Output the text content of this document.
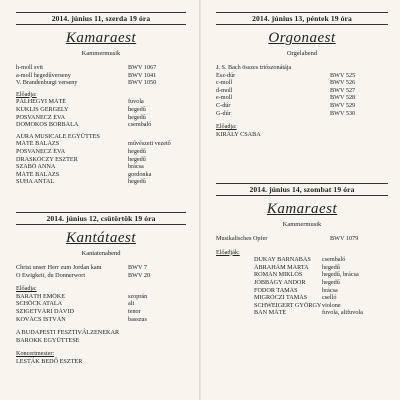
2014. június 11, szerda 19 óra
Kamaraest
Kammermusik
h-moll svit	BWV 1067
a-moll hegedűverseny	BWV 1041
V. Brandenburgi verseny	BWV 1050
Előadja:
PÁLHEGYI MÁTÉ	fuvola
KUKLIS GERGELY	hegedű
POSVANECZ ÉVA	hegedű
DOMOKOS BORBÁLA	csembaló
AURA MUSICALE EGYÜTTES
MÁTÉ BALÁZS	művészeti vezető
POSVANECZ ÉVA	hegedű
DRASKÓCZY ESZTER	hegedű
SZABÓ ANNA	brácsa
MÁTÉ BALÁZS	gordonka
SUHA ANTAL	hegedű
2014. június 12, csütörtök 19 óra
Kantátaest
Kantatenabend
Christ unser Herr zum Jordan kam	BWV 7
O Ewigkeit, du Donnerwort	BWV 20
Előadja:
BARÁTH EMŐKE	szoprán
SCHÖCK ATALA	alt
SZIGETVÁRI DÁVID	tenor
KOVÁCS ISTVÁN	basszus
A BUDAPESTI FESZTIVÁLZENEKAR
BAROKK EGYÜTTESE
Koncertmester:
LESTÁK BEDŐ ESZTER
2014. június 13, péntek 19 óra
Orgonaest
Orgelabend
J. S. Bach összes triószonátája
Esz-dúr	BWV 525
c-moll	BWV 526
d-moll	BWV 527
e-moll	BWV 528
C-dúr	BWV 529
G-dúr	BWV 530
Előadja:
KIRÁLY CSABA
2014. június 14, szombat 19 óra
Kamaraest
Kammermusik
Musikalisches Opfer	BWV 1079
Előadják:
DUKAY BARNABÁS	csembaló
ÁBRAHÁM MÁRTA	hegedű
ROMÁN MIKLÓS	hegedű, brácsa
JOBBÁGY ANDOR	hegedű
FODOR TAMÁS	brácsa
MIGRÓCZI TAMÁS	cselló
SCHWEIGERT GYÖRGY violone
BÁN MÁTÉ	fuvola, altfuvola
